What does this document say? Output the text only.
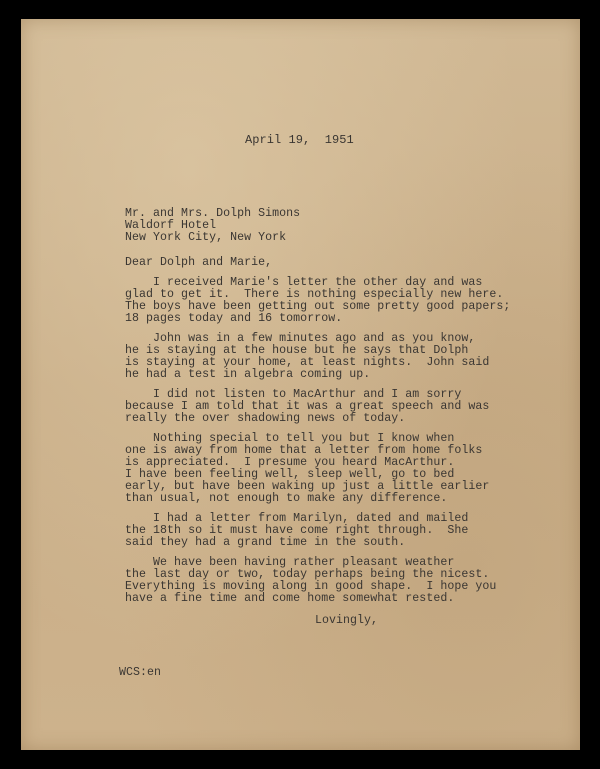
April 19,  1951
Mr. and Mrs. Dolph Simons
Waldorf Hotel
New York City, New York
Dear Dolph and Marie,
I received Marie's letter the other day and was
glad to get it.  There is nothing especially new here.
The boys have been getting out some pretty good papers;
18 pages today and 16 tomorrow.
John was in a few minutes ago and as you know,
he is staying at the house but he says that Dolph
is staying at your home, at least nights.  John said
he had a test in algebra coming up.
I did not listen to MacArthur and I am sorry
because I am told that it was a great speech and was
really the over shadowing news of today.
Nothing special to tell you but I know when
one is away from home that a letter from home folks
is appreciated.  I presume you heard MacArthur.
I have been feeling well, sleep well, go to bed
early, but have been waking up just a little earlier
than usual, not enough to make any difference.
I had a letter from Marilyn, dated and mailed
the 18th so it must have come right through.  She
said they had a grand time in the south.
We have been having rather pleasant weather
the last day or two, today perhaps being the nicest.
Everything is moving along in good shape.  I hope you
have a fine time and come home somewhat rested.
Lovingly,
WCS:en
